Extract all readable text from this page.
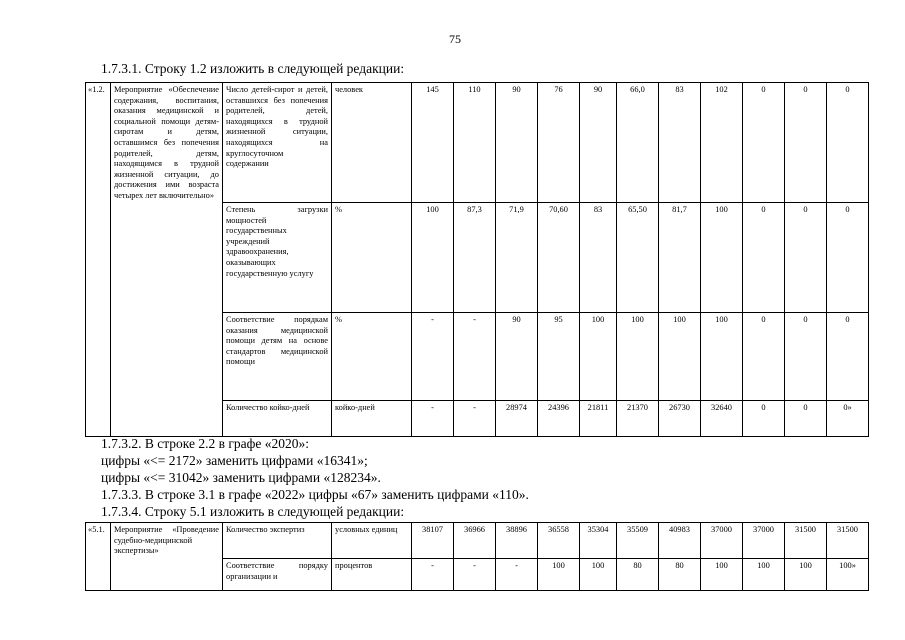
75
1.7.3.1. Строку 1.2 изложить в следующей редакции:
«1.2.	Мероприятие «Обеспечение содержания, воспитания, оказания медицинской и социальной помощи детям-сиротам и детям, оставшимся без попечения родителей, детям, находящимся в трудной жизненной ситуации, до достижения ими возраста четырех лет включительно»	Число детей-сирот и детей, оставшихся без попечения родителей, детей, находящихся в трудной жизненной ситуации, находящихся на круглосуточном содержании	человек	145	110	90	76	90	66,0	83	102	0	0	0
		Степень загрузки мощностей государственных учреждений здравоохранения, оказывающих государственную услугу	%	100	87,3	71,9	70,60	83	65,50	81,7	100	0	0	0
		Соответствие порядкам оказания медицинской помощи детям на основе стандартов медицинской помощи	%	-	-	90	95	100	100	100	100	0	0	0
		Количество койко-дней	койко-дней	-	-	28974	24396	21811	21370	26730	32640	0	0	0»
1.7.3.2. В строке 2.2 в графе «2020»:
цифры «<= 2172» заменить цифрами «16341»;
цифры «<= 31042» заменить цифрами «128234».
1.7.3.3. В строке 3.1 в графе «2022» цифры «67» заменить цифрами «110».
1.7.3.4. Строку 5.1 изложить в следующей редакции:
«5.1.	Мероприятие «Проведение судебно-медицинской экспертизы»	Количество экспертиз	условных единиц	38107	36966	38896	36558	35304	35509	40983	37000	37000	31500	31500
		Соответствие порядку организации и	процентов	-	-	-	100	100	80	80	100	100	100	100»
